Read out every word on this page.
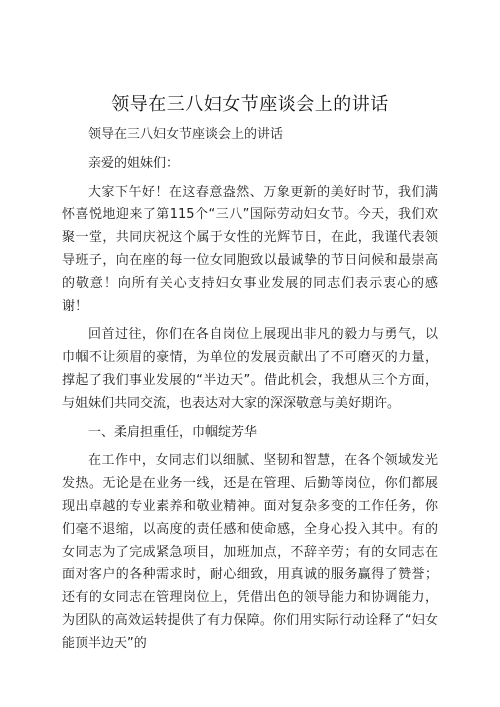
领导在三八妇女节座谈会上的讲话

领导在三八妇女节座谈会上的讲话

亲爱的姐妹们：

大家下午好！在这春意盎然、万象更新的美好时节，我们满怀喜悦地迎来了第115个“三八”国际劳动妇女节。今天，我们欢聚一堂，共同庆祝这个属于女性的光辉节日，在此，我谨代表领导班子，向在座的每一位女同胞致以最诚挚的节日问候和最崇高的敬意！向所有关心支持妇女事业发展的同志们表示衷心的感谢！

回首过往，你们在各自岗位上展现出非凡的毅力与勇气，以巾帼不让须眉的豪情，为单位的发展贡献出了不可磨灭的力量，撑起了我们事业发展的“半边天”。借此机会，我想从三个方面，与姐妹们共同交流，也表达对大家的深深敬意与美好期许。

一、柔肩担重任，巾帼绽芳华

在工作中，女同志们以细腻、坚韧和智慧，在各个领域发光发热。无论是在业务一线，还是在管理、后勤等岗位，你们都展现出卓越的专业素养和敬业精神。面对复杂多变的工作任务，你们毫不退缩，以高度的责任感和使命感，全身心投入其中。有的女同志为了完成紧急项目，加班加点，不辞辛劳；有的女同志在面对客户的各种需求时，耐心细致，用真诚的服务赢得了赞誉；还有的女同志在管理岗位上，凭借出色的领导能力和协调能力，为团队的高效运转提供了有力保障。你们用实际行动诠释了“妇女能顶半边天”的
